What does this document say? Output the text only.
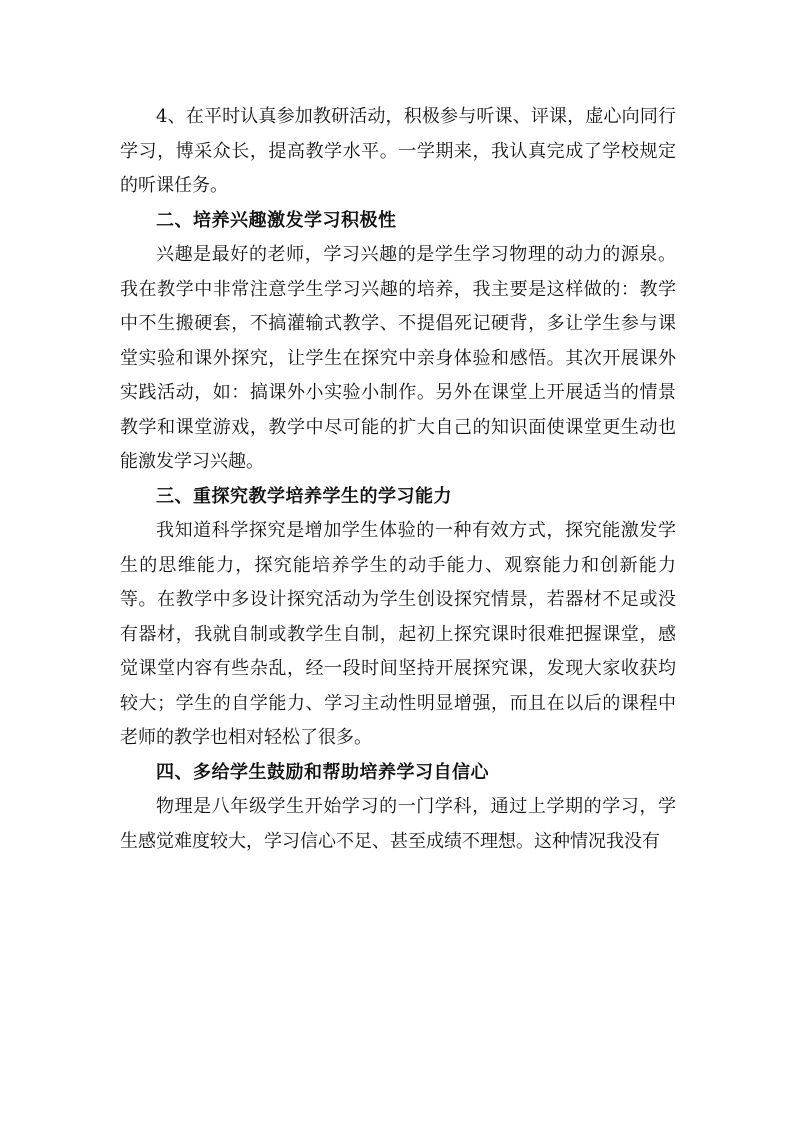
4、在平时认真参加教研活动，积极参与听课、评课，虚心向同行学习，博采众长，提高教学水平。一学期来，我认真完成了学校规定的听课任务。

二、培养兴趣激发学习积极性

兴趣是最好的老师，学习兴趣的是学生学习物理的动力的源泉。我在教学中非常注意学生学习兴趣的培养，我主要是这样做的：教学中不生搬硬套，不搞灌输式教学、不提倡死记硬背，多让学生参与课堂实验和课外探究，让学生在探究中亲身体验和感悟。其次开展课外实践活动，如：搞课外小实验小制作。另外在课堂上开展适当的情景教学和课堂游戏，教学中尽可能的扩大自己的知识面使课堂更生动也能激发学习兴趣。

三、重探究教学培养学生的学习能力

我知道科学探究是增加学生体验的一种有效方式，探究能激发学生的思维能力，探究能培养学生的动手能力、观察能力和创新能力等。在教学中多设计探究活动为学生创设探究情景，若器材不足或没有器材，我就自制或教学生自制，起初上探究课时很难把握课堂，感觉课堂内容有些杂乱，经一段时间坚持开展探究课，发现大家收获均较大；学生的自学能力、学习主动性明显增强，而且在以后的课程中老师的教学也相对轻松了很多。

四、多给学生鼓励和帮助培养学习自信心

物理是八年级学生开始学习的一门学科，通过上学期的学习，学生感觉难度较大，学习信心不足、甚至成绩不理想。这种情况我没有
